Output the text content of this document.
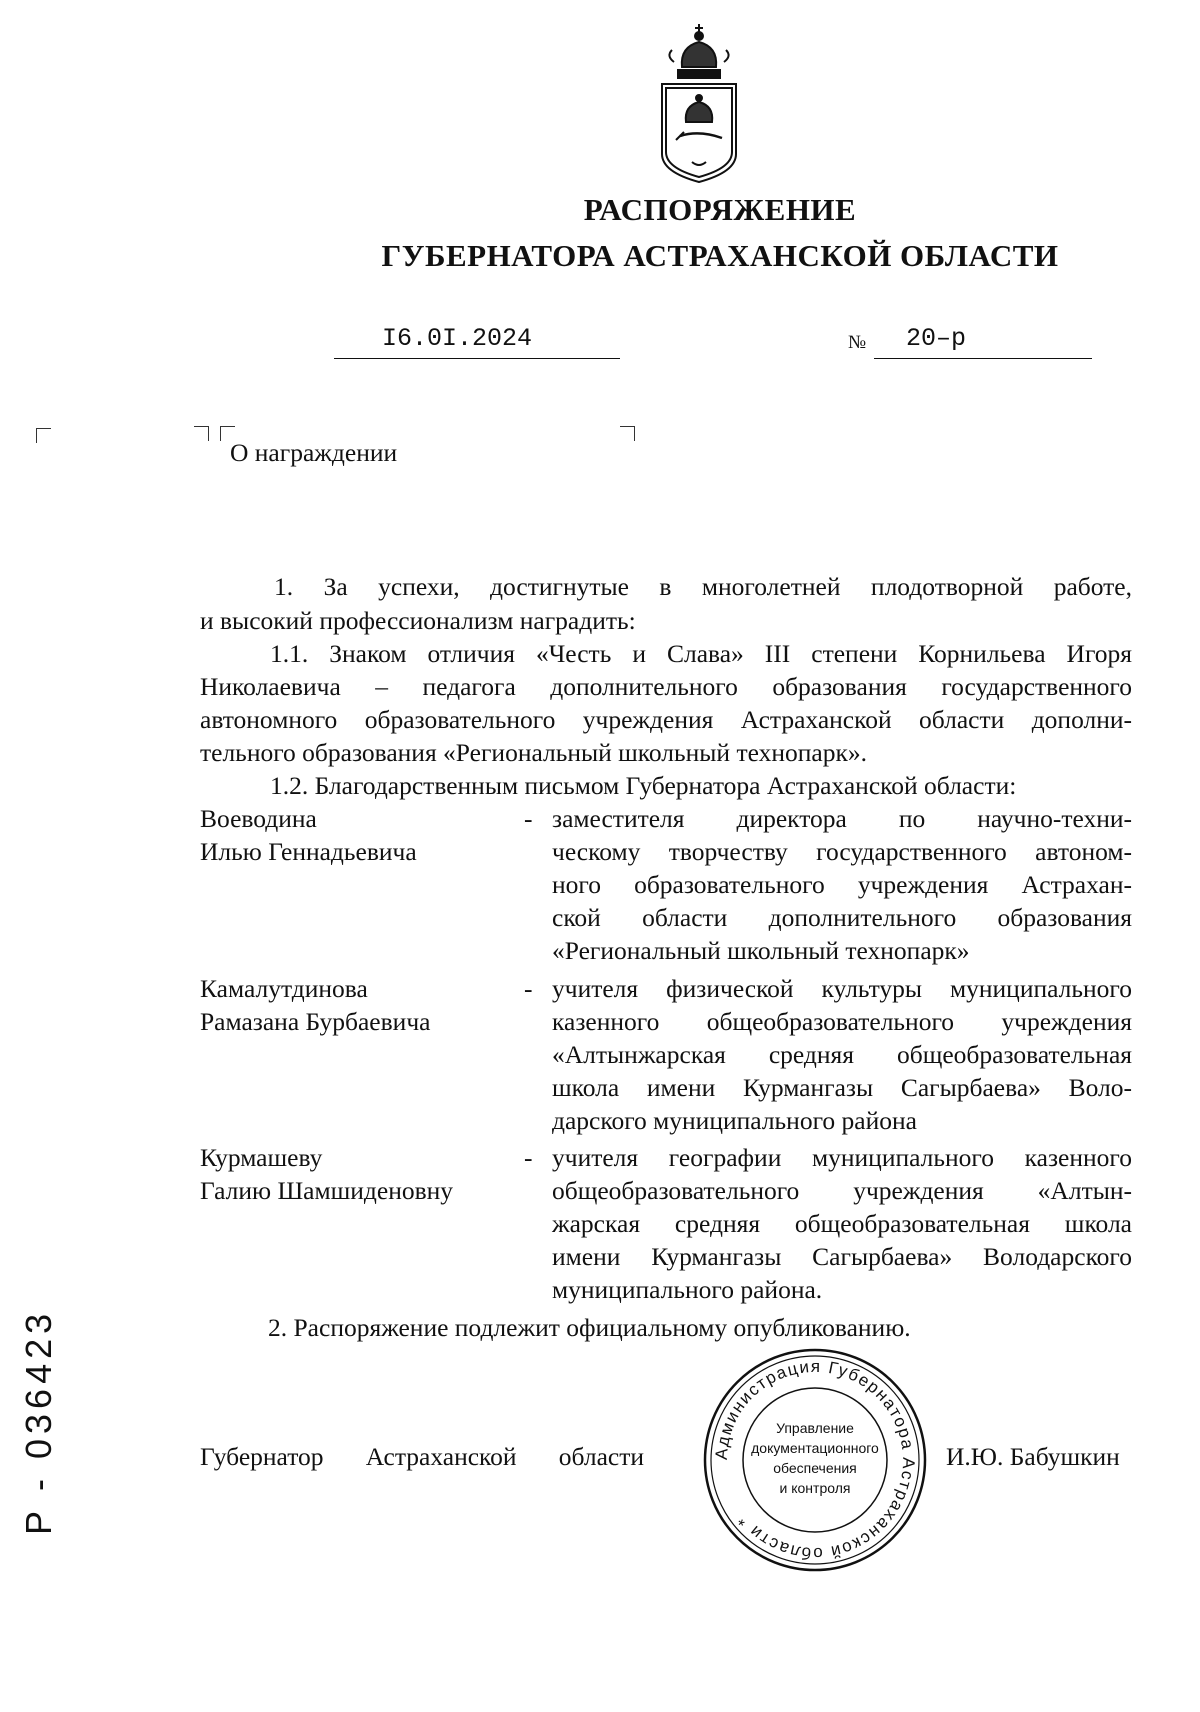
РАСПОРЯЖЕНИЕ
ГУБЕРНАТОРА АСТРАХАНСКОЙ ОБЛАСТИ
I6.0I.2024	№ 20–р
О награждении
1. За успехи, достигнутые в многолетней плодотворной работе,
и высокий профессионализм наградить:
1.1. Знаком отличия «Честь и Слава» III степени Корнильева Игоря
Николаевича – педагога дополнительного образования государственного
автономного образовательного учреждения Астраханской области дополни-
тельного образования «Региональный школьный технопарк».
1.2. Благодарственным письмом Губернатора Астраханской области:
Воеводина
Илью Геннадьевича
- заместителя директора по научно-техни-
ческому творчеству государственного автоном-
ного образовательного учреждения Астрахан-
ской области дополнительного образования
«Региональный школьный технопарк»
Камалутдинова
Рамазана Бурбаевича
- учителя физической культуры муниципального
казенного общеобразовательного учреждения
«Алтынжарская средняя общеобразовательная
школа имени Курмангазы Сагырбаева» Воло-
дарского муниципального района
Курмашеву
Галию Шамшиденовну
- учителя географии муниципального казенного
общеобразовательного учреждения «Алтын-
жарская средняя общеобразовательная школа
имени Курмангазы Сагырбаева» Володарского
муниципального района.
2. Распоряжение подлежит официальному опубликованию.
Губернатор Астраханской области	И.Ю. Бабушкин
Администрация Губернатора Астраханской области *
Управление
документационного
обеспечения
и контроля
Р - 036423
